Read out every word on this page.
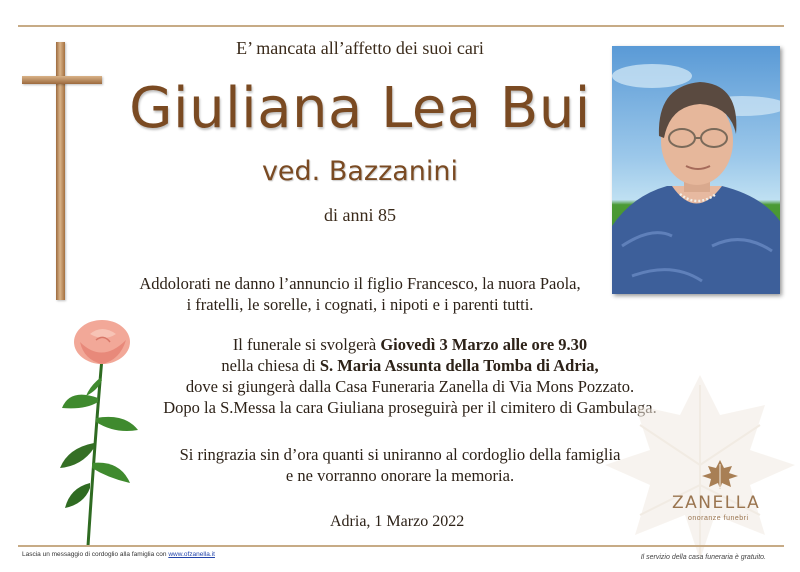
E’ mancata all’affetto dei suoi cari
Giuliana Lea Bui
ved. Bazzanini
di anni 85
Addolorati ne danno l’annuncio il figlio Francesco, la nuora Paola,
i fratelli, le sorelle, i cognati, i nipoti e i parenti tutti.
Il funerale si svolgerà Giovedì 3 Marzo alle ore 9.30
nella chiesa di S. Maria Assunta della Tomba di Adria,
dove si giungerà dalla Casa Funeraria Zanella di Via Mons Pozzato.
Dopo la S.Messa la cara Giuliana proseguirà per il cimitero di Gambulaga.
ZANELLA
onoranze funebri
Si ringrazia sin d’ora quanti si uniranno al cordoglio della famiglia
e ne vorranno onorare la memoria.
Adria, 1 Marzo 2022
Lascia un messaggio di cordoglio alla famiglia con www.ofzanella.it	Il servizio della casa funeraria è gratuito.
